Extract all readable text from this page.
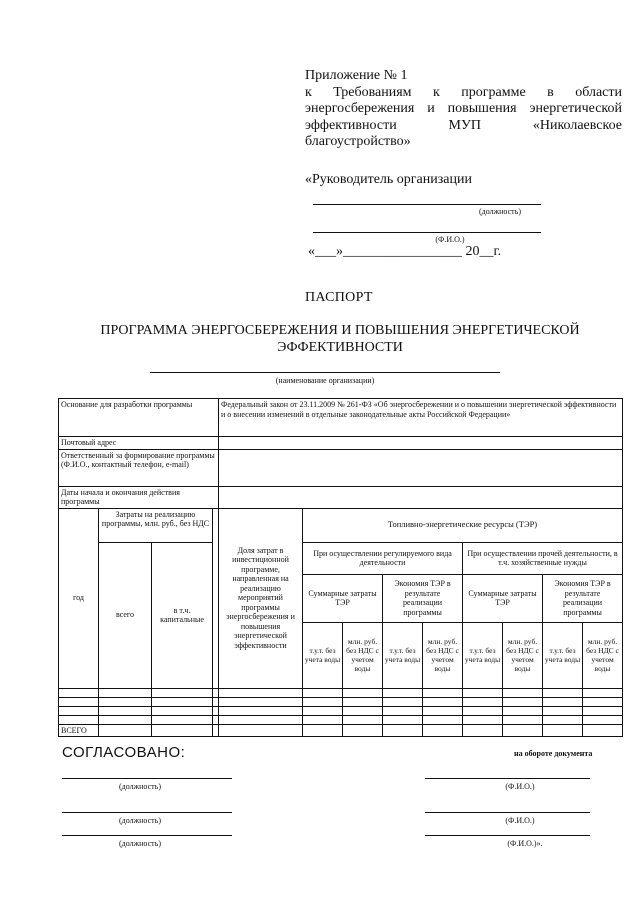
Приложение № 1
к Требованиям к программе в области
энергосбережения и повышения энергетической
эффективности МУП «Николаевское
благоустройство»
«Руководитель организации
(должность)
(Ф.И.О.)
«___»_________________ 20__г.
ПАСПОРТ
ПРОГРАММА ЭНЕРГОСБЕРЕЖЕНИЯ И ПОВЫШЕНИЯ ЭНЕРГЕТИЧЕСКОЙ
ЭФФЕКТИВНОСТИ
(наименование организации)
Основание для разработки программы				Федеральный закон от 23.11.2009 № 261-ФЗ «Об энергосбережении и о повышении энергетической эффективности и о внесении изменений в отдельные законодательные акты Российской Федерации»								
Почтовый адрес												
Ответственный за формирование программы (Ф.И.О., контактный телефон, e-mail)												
Даты начала и окончания действия программы												
год	Затраты на реализацию программы, млн. руб., без НДС			Доля затрат в инвестиционной программе, направленная на реализацию мероприятий программы энергосбережения и повышения энергетической эффективности	Топливно-энергетические ресурсы (ТЭР)							
	всего	в т.ч. капитальные			При осуществлении регулируемого вида деятельности				При осуществлении прочей деятельности, в т.ч. хозяйственные нужды			
					Суммарные затраты ТЭР		Экономия ТЭР в результате реализации программы		Суммарные затраты ТЭР		Экономия ТЭР в результате реализации программы	
					т.у.т. без учета воды	млн. руб. без НДС с учетом воды	т.у.т. без учета воды	млн. руб. без НДС с учетом воды	т.у.т. без учета воды	млн. руб. без НДС с учетом воды	т.у.т. без учета воды	млн. руб. без НДС с учетом воды

ВСЕГО												
СОГЛАСОВАНО:	на обороте документа
(должность)	(Ф.И.О.)
(должность)	(Ф.И.О.)
(должность)	(Ф.И.О.)».
